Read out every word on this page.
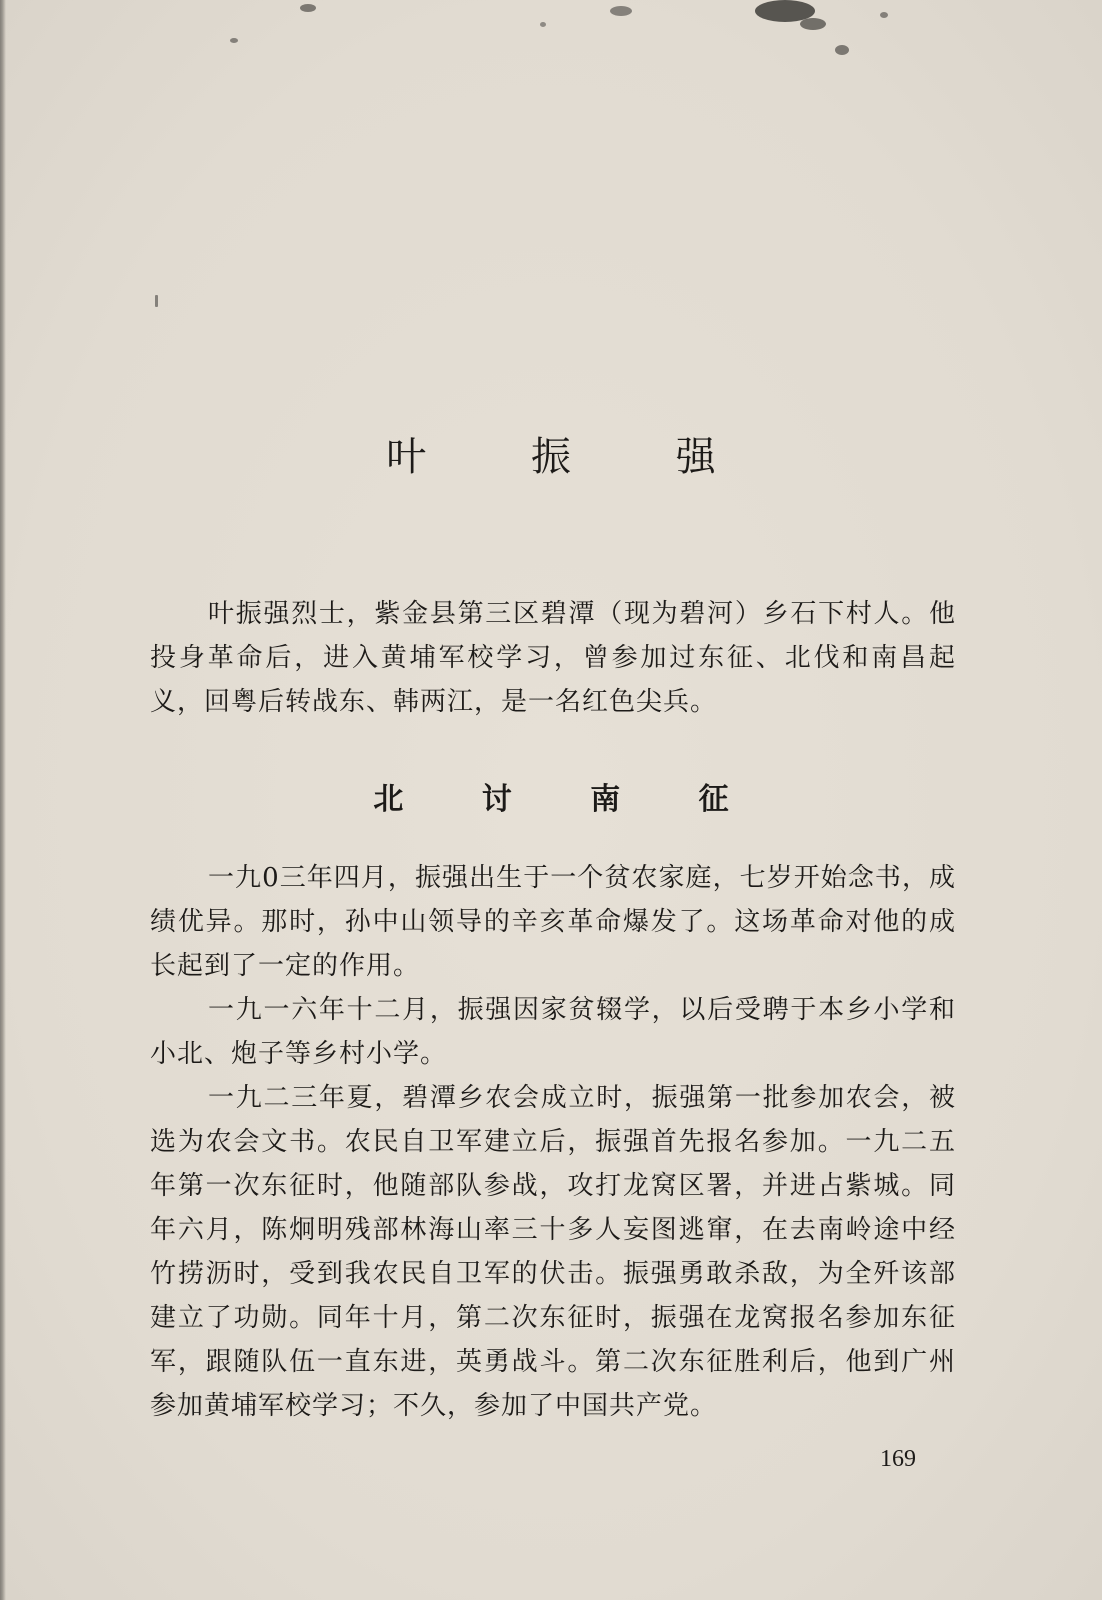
叶 振 强

叶振强烈士，紫金县第三区碧潭（现为碧河）乡石下村人。他投身革命后，进入黄埔军校学习，曾参加过东征、北伐和南昌起义，回粤后转战东、韩两江，是一名红色尖兵。

北 讨 南 征

一九0三年四月，振强出生于一个贫农家庭，七岁开始念书，成绩优异。那时，孙中山领导的辛亥革命爆发了。这场革命对他的成长起到了一定的作用。

一九一六年十二月，振强因家贫辍学，以后受聘于本乡小学和小北、炮子等乡村小学。

一九二三年夏，碧潭乡农会成立时，振强第一批参加农会，被选为农会文书。农民自卫军建立后，振强首先报名参加。一九二五年第一次东征时，他随部队参战，攻打龙窝区署，并进占紫城。同年六月，陈炯明残部林海山率三十多人妄图逃窜，在去南岭途中经竹捞沥时，受到我农民自卫军的伏击。振强勇敢杀敌，为全歼该部建立了功勋。同年十月，第二次东征时，振强在龙窝报名参加东征军，跟随队伍一直东进，英勇战斗。第二次东征胜利后，他到广州参加黄埔军校学习；不久，参加了中国共产党。

169
